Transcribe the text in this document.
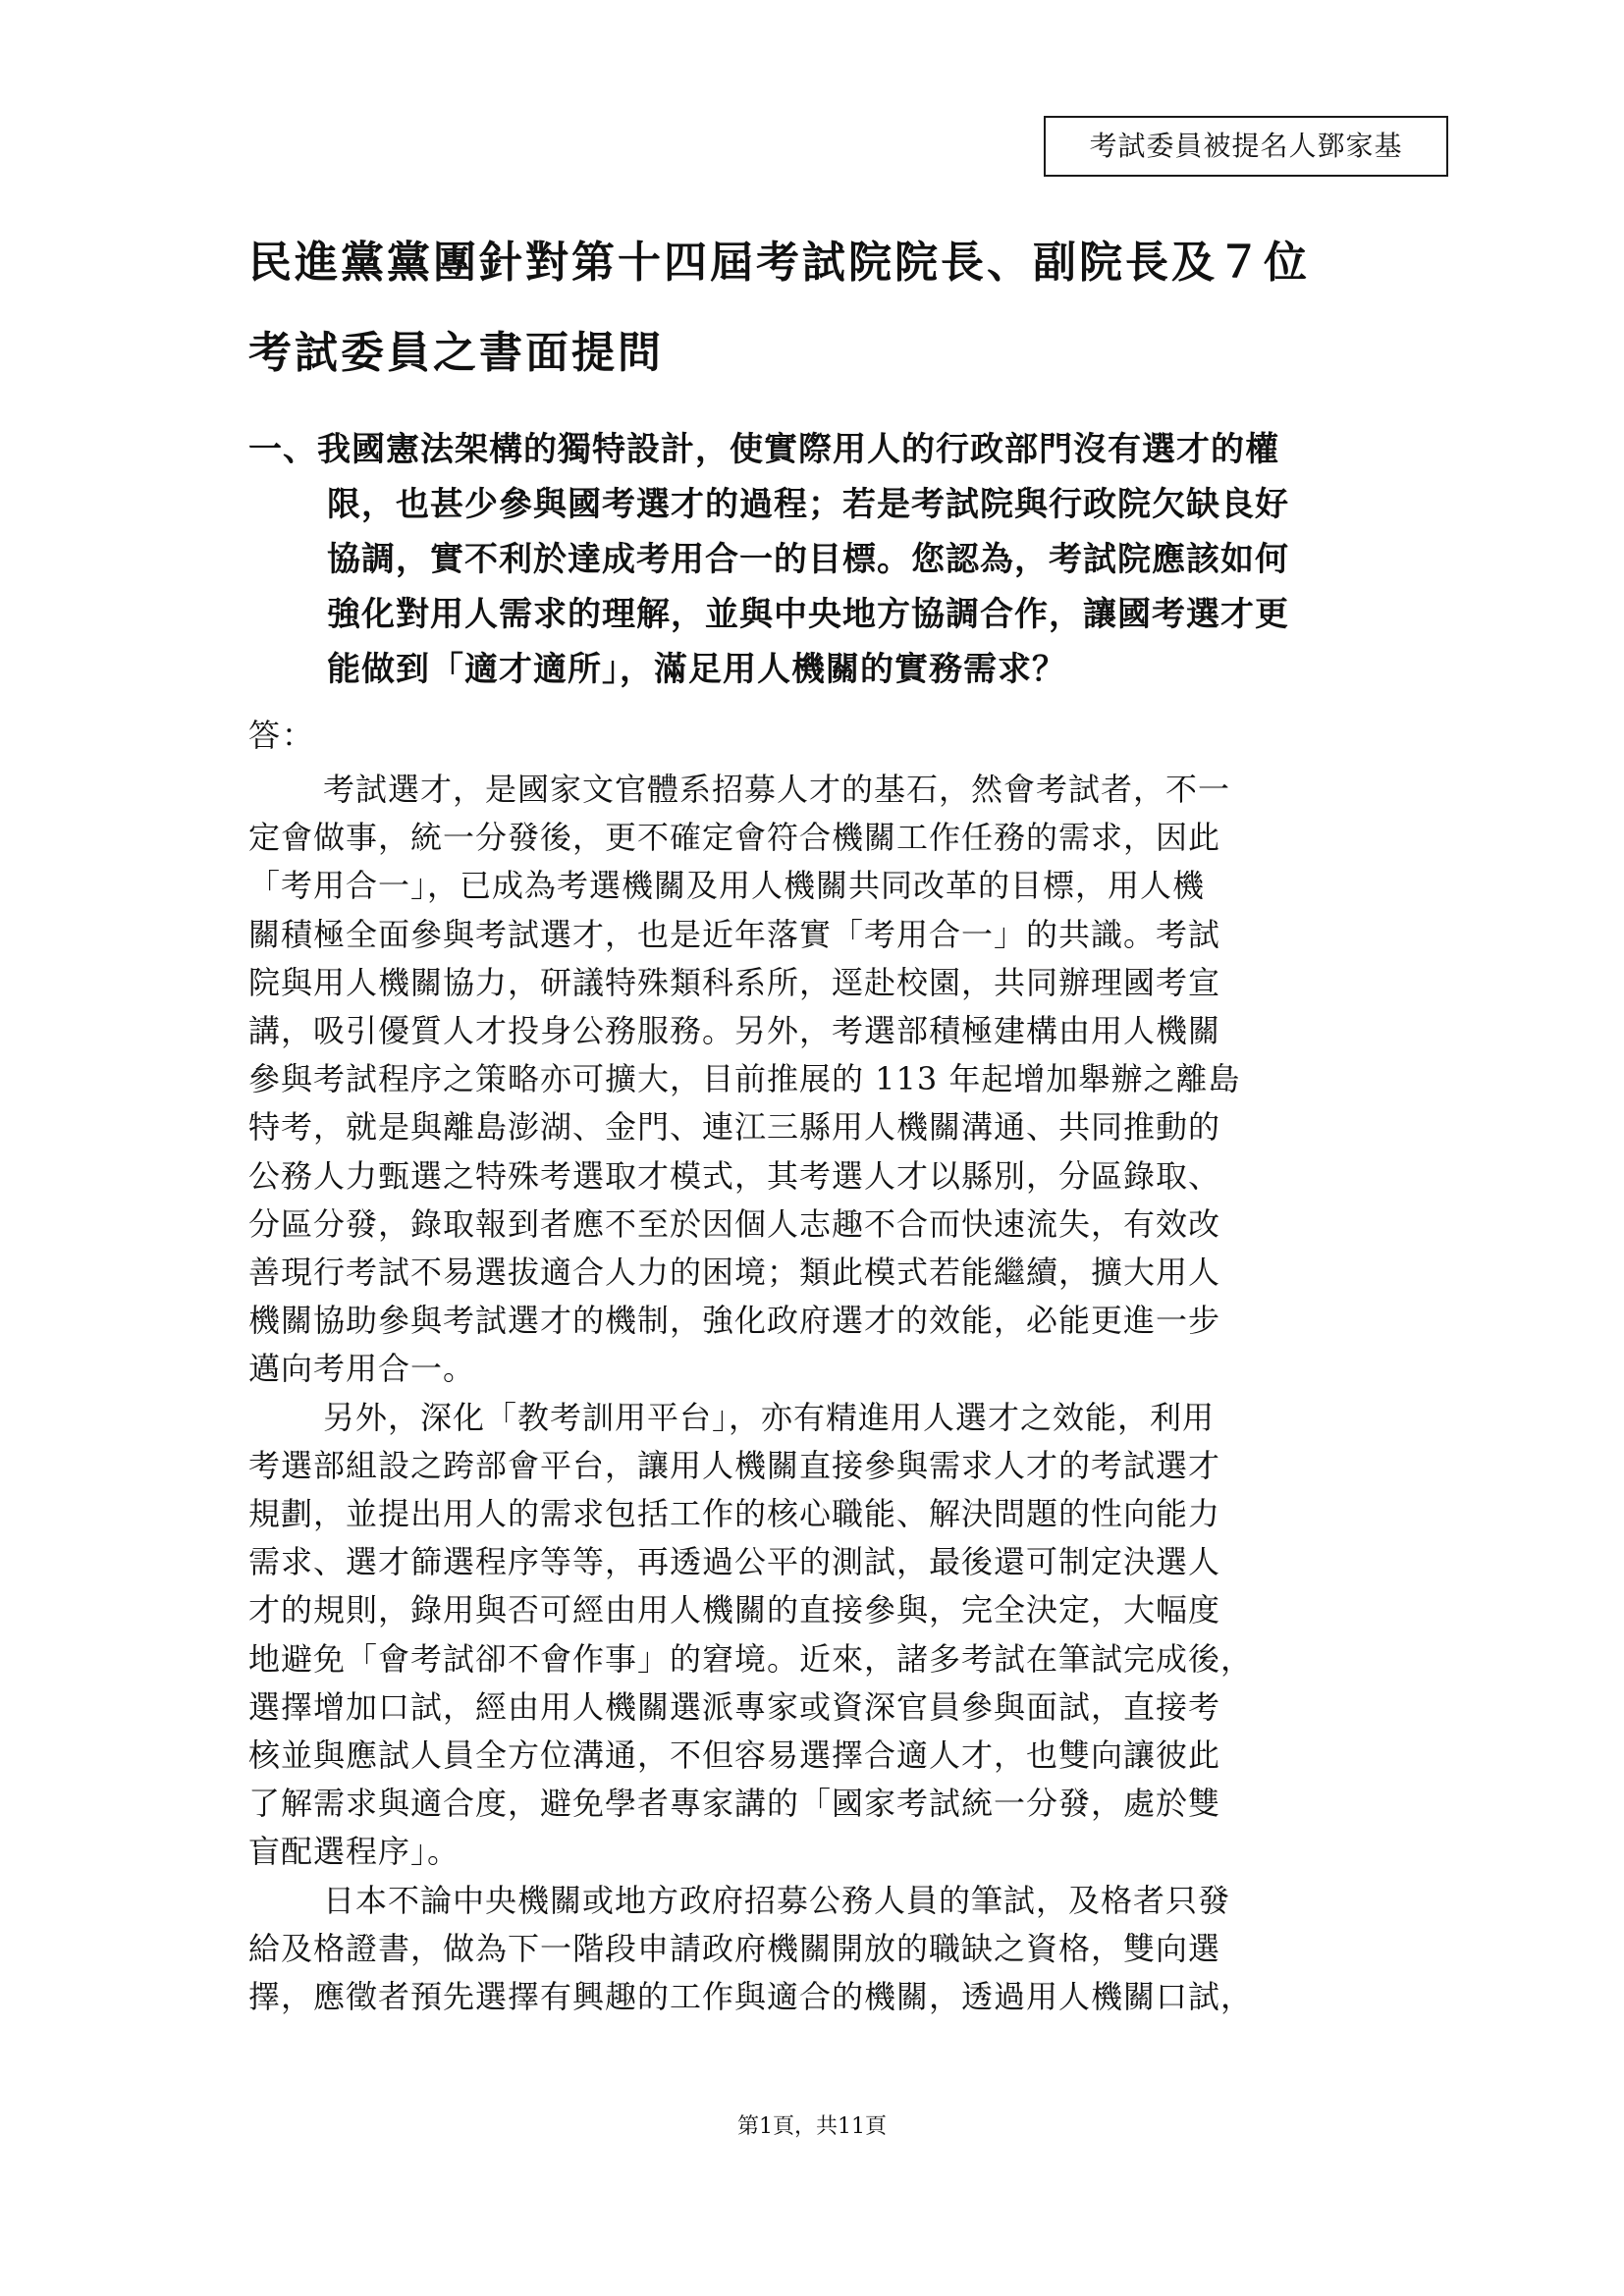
考試委員被提名人鄧家基
民進黨黨團針對第十四屆考試院院長、副院長及７位
考試委員之書面提問
一、我國憲法架構的獨特設計，使實際用人的行政部門沒有選才的權
限，也甚少參與國考選才的過程；若是考試院與行政院欠缺良好
協調，實不利於達成考用合一的目標。您認為，考試院應該如何
強化對用人需求的理解，並與中央地方協調合作，讓國考選才更
能做到「適才適所」，滿足用人機關的實務需求？
答：
考試選才，是國家文官體系招募人才的基石，然會考試者，不一
定會做事，統一分發後，更不確定會符合機關工作任務的需求，因此
「考用合一」，已成為考選機關及用人機關共同改革的目標，用人機
關積極全面參與考試選才，也是近年落實「考用合一」的共識。考試
院與用人機關協力，研議特殊類科系所，逕赴校園，共同辦理國考宣
講，吸引優質人才投身公務服務。另外，考選部積極建構由用人機關
參與考試程序之策略亦可擴大，目前推展的 113 年起增加舉辦之離島
特考，就是與離島澎湖、金門、連江三縣用人機關溝通、共同推動的
公務人力甄選之特殊考選取才模式，其考選人才以縣別，分區錄取、
分區分發，錄取報到者應不至於因個人志趣不合而快速流失，有效改
善現行考試不易選拔適合人力的困境；類此模式若能繼續，擴大用人
機關協助參與考試選才的機制，強化政府選才的效能，必能更進一步
邁向考用合一。
另外，深化「教考訓用平台」，亦有精進用人選才之效能，利用
考選部組設之跨部會平台，讓用人機關直接參與需求人才的考試選才
規劃，並提出用人的需求包括工作的核心職能、解決問題的性向能力
需求、選才篩選程序等等，再透過公平的測試，最後還可制定決選人
才的規則，錄用與否可經由用人機關的直接參與，完全決定，大幅度
地避免「會考試卻不會作事」的窘境。近來，諸多考試在筆試完成後，
選擇增加口試，經由用人機關選派專家或資深官員參與面試，直接考
核並與應試人員全方位溝通，不但容易選擇合適人才，也雙向讓彼此
了解需求與適合度，避免學者專家講的「國家考試統一分發，處於雙
盲配選程序」。
日本不論中央機關或地方政府招募公務人員的筆試，及格者只發
給及格證書，做為下一階段申請政府機關開放的職缺之資格，雙向選
擇，應徵者預先選擇有興趣的工作與適合的機關，透過用人機關口試，
第1頁，共11頁
